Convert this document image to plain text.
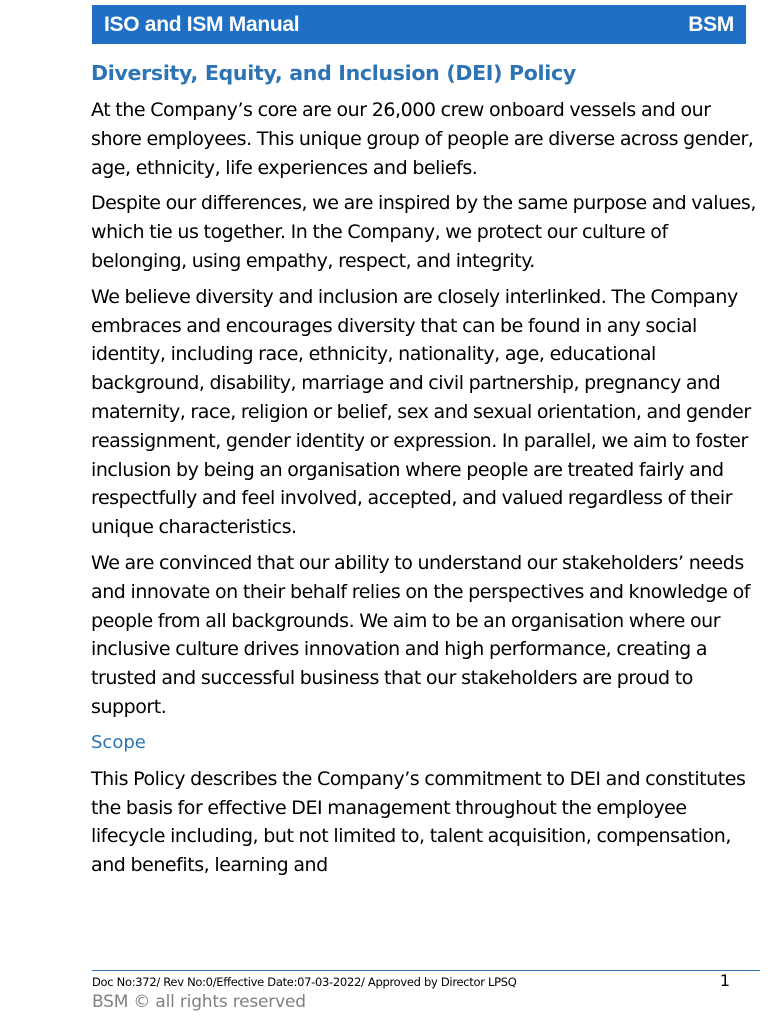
ISO and ISM Manual	BSM
Diversity, Equity, and Inclusion (DEI) Policy

At the Company’s core are our 26,000 crew onboard vessels and our shore employees. This unique group of people are diverse across gender, age, ethnicity, life experiences and beliefs.

Despite our differences, we are inspired by the same purpose and values, which tie us together. In the Company, we protect our culture of belonging, using empathy, respect, and integrity.

We believe diversity and inclusion are closely interlinked. The Company embraces and encourages diversity that can be found in any social identity, including race, ethnicity, nationality, age, educational background, disability, marriage and civil partnership, pregnancy and maternity, race, religion or belief, sex and sexual orientation, and gender reassignment, gender identity or expression. In parallel, we aim to foster inclusion by being an organisation where people are treated fairly and respectfully and feel involved, accepted, and valued regardless of their unique characteristics.

We are convinced that our ability to understand our stakeholders’ needs and innovate on their behalf relies on the perspectives and knowledge of people from all backgrounds. We aim to be an organisation where our inclusive culture drives innovation and high performance, creating a trusted and successful business that our stakeholders are proud to support.

Scope

This Policy describes the Company’s commitment to DEI and constitutes the basis for effective DEI management throughout the employee lifecycle including, but not limited to, talent acquisition, compensation, and benefits, learning and

Doc No:372/ Rev No:0/Effective Date:07-03-2022/ Approved by Director LPSQ	1
BSM © all rights reserved
